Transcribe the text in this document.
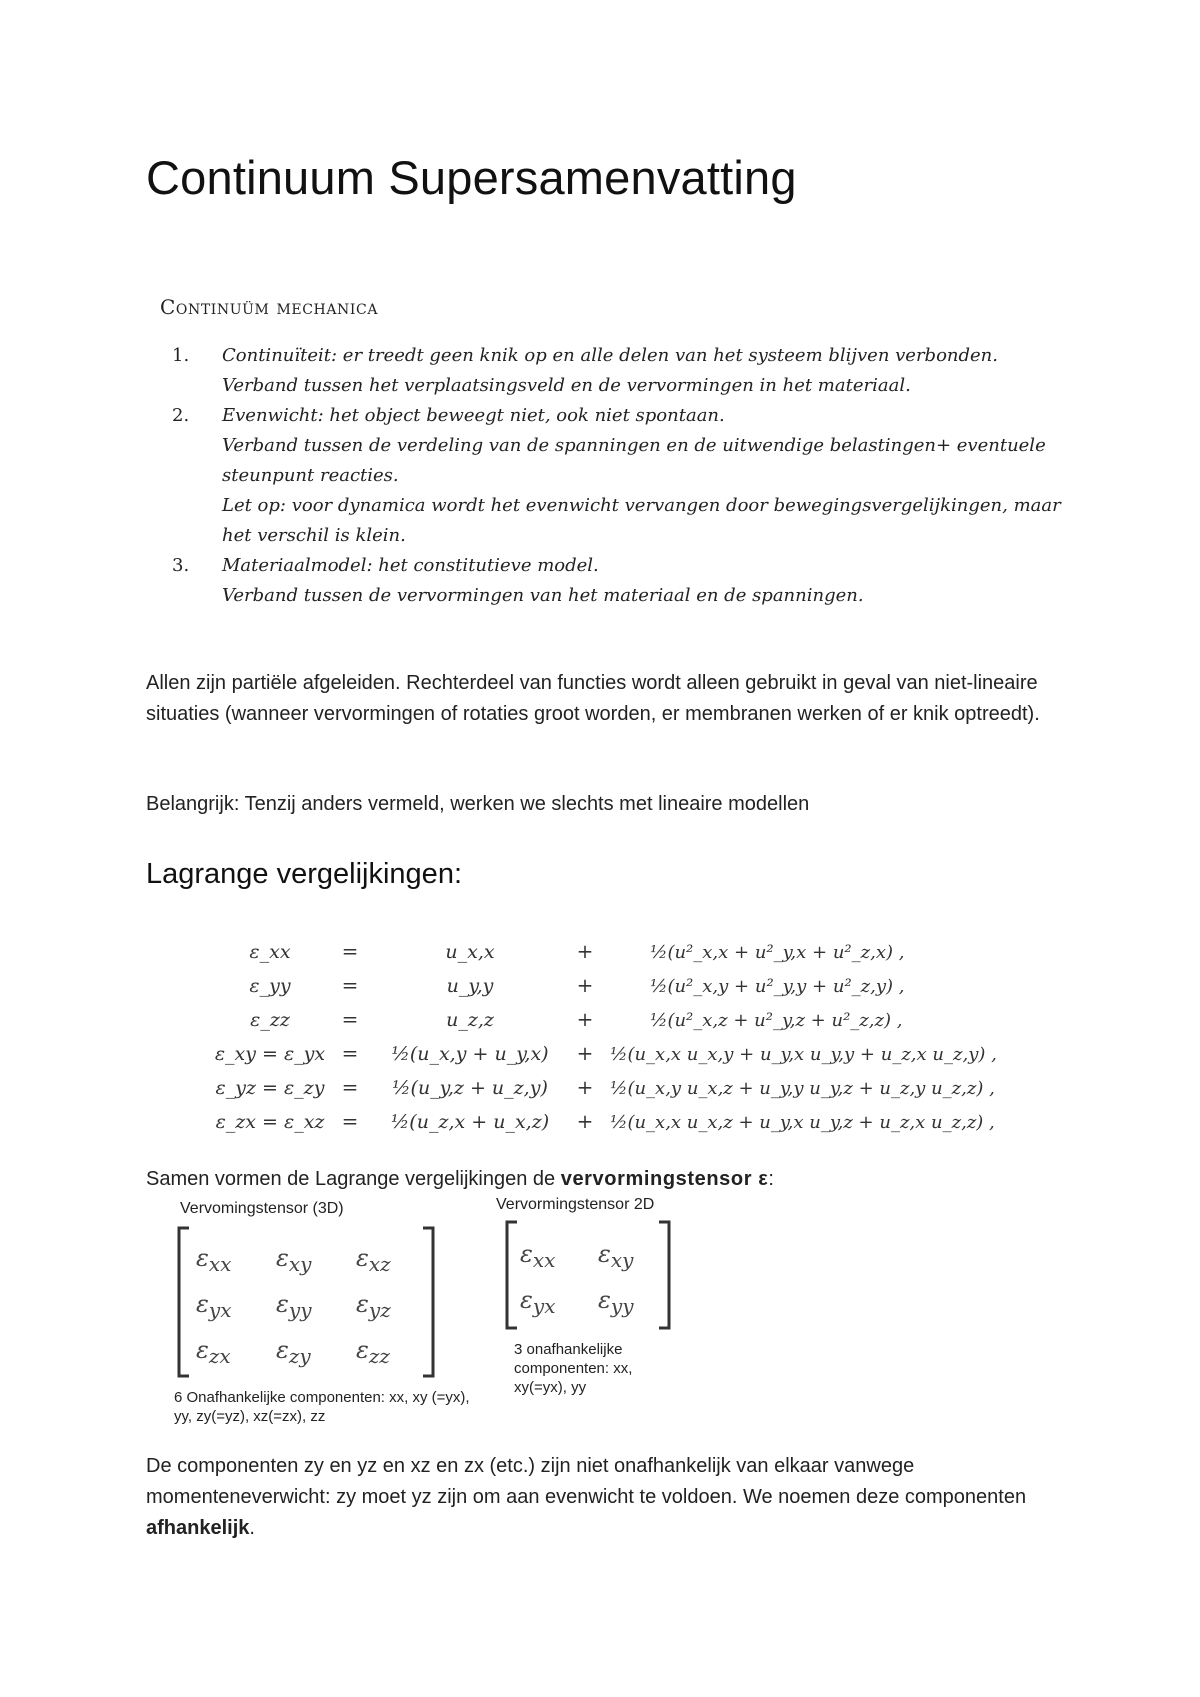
Continuum Supersamenvatting
Continuüm mechanica
1.	Continuïteit: er treedt geen knik op en alle delen van het systeem blijven verbonden.
Verband tussen het verplaatsingsveld en de vervormingen in het materiaal.
2.	Evenwicht: het object beweegt niet, ook niet spontaan.
Verband tussen de verdeling van de spanningen en de uitwendige belastingen+ eventuele steunpunt reacties.
Let op: voor dynamica wordt het evenwicht vervangen door bewegingsvergelijkingen, maar het verschil is klein.
3.	Materiaalmodel: het constitutieve model.
Verband tussen de vervormingen van het materiaal en de spanningen.
Allen zijn partiële afgeleiden. Rechterdeel van functies wordt alleen gebruikt in geval van niet-lineaire situaties (wanneer vervormingen of rotaties groot worden, er membranen werken of er knik optreedt).
Belangrijk: Tenzij anders vermeld, werken we slechts met lineaire modellen
Lagrange vergelijkingen:
ε_xx	=	u_x,x	+	½(u²_x,x + u²_y,x + u²_z,x) ,
ε_yy	=	u_y,y	+	½(u²_x,y + u²_y,y + u²_z,y) ,
ε_zz	=	u_z,z	+	½(u²_x,z + u²_y,z + u²_z,z) ,
ε_xy = ε_yx = ½(u_x,y + u_y,x) + ½(u_x,x u_x,y + u_y,x u_y,y + u_z,x u_z,y) ,
ε_yz = ε_zy = ½(u_y,z + u_z,y) + ½(u_x,y u_x,z + u_y,y u_y,z + u_z,y u_z,z) ,
ε_zx = ε_xz = ½(u_z,x + u_x,z) + ½(u_x,x u_x,z + u_y,x u_y,z + u_z,x u_z,z) ,
Samen vormen de Lagrange vergelijkingen de vervormingstensor ε:
Vervomingstensor (3D)
$\varepsilon_{xx}$ $\varepsilon_{xy}$ $\varepsilon_{xz}$
$\varepsilon_{yx}$ $\varepsilon_{yy}$ $\varepsilon_{yz}$
$\varepsilon_{zx}$ $\varepsilon_{zy}$ $\varepsilon_{zz}$
6 Onafhankelijke componenten: xx, xy (=yx), yy, zy(=yz), xz(=zx), zz
Vervormingstensor 2D
$\varepsilon_{xx}$ $\varepsilon_{xy}$
$\varepsilon_{yx}$ $\varepsilon_{yy}$
3 onafhankelijke componenten: xx, xy(=yx), yy
De componenten zy en yz en xz en zx (etc.) zijn niet onafhankelijk van elkaar vanwege momenteneverwicht: zy moet yz zijn om aan evenwicht te voldoen. We noemen deze componenten afhankelijk.
